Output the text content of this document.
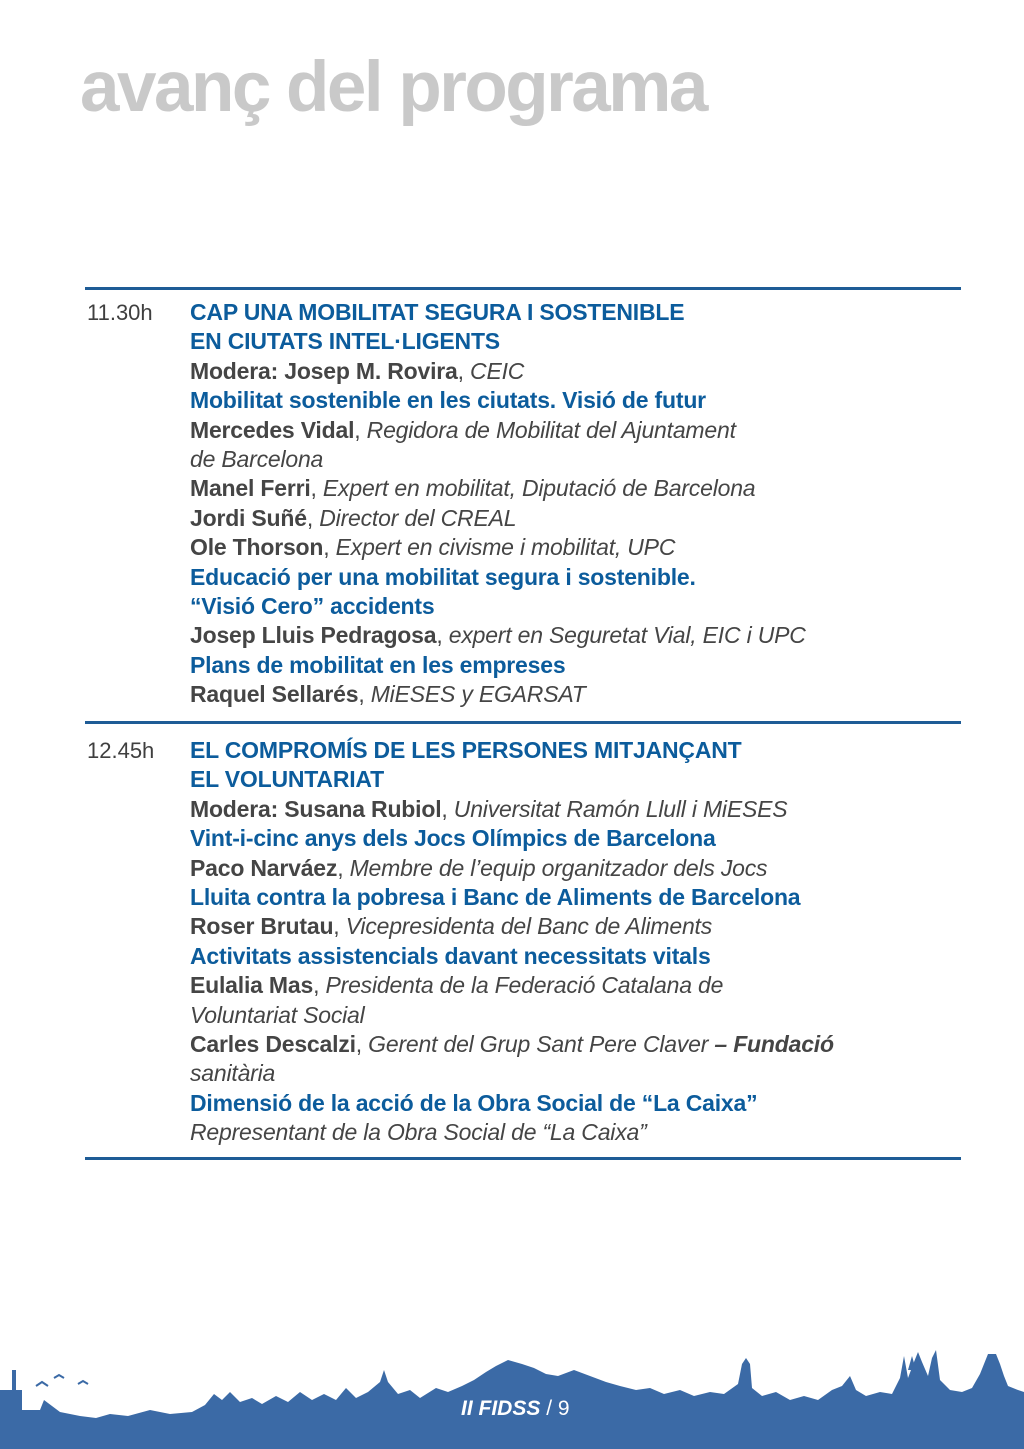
avanç del programa
11.30h CAP UNA MOBILITAT SEGURA I SOSTENIBLE
EN CIUTATS INTEL·LIGENTS
Modera: Josep M. Rovira, CEIC
Mobilitat sostenible en les ciutats. Visió de futur
Mercedes Vidal, Regidora de Mobilitat del Ajuntament
de Barcelona
Manel Ferri, Expert en mobilitat, Diputació de Barcelona
Jordi Suñé, Director del CREAL
Ole Thorson, Expert en civisme i mobilitat, UPC
Educació per una mobilitat segura i sostenible.
“Visió Cero” accidents
Josep Lluis Pedragosa, expert en Seguretat Vial, EIC i UPC
Plans de mobilitat en les empreses
Raquel Sellarés, MiESES y EGARSAT
12.45h EL COMPROMÍS DE LES PERSONES MITJANÇANT
EL VOLUNTARIAT
Modera: Susana Rubiol, Universitat Ramón Llull i MiESES
Vint-i-cinc anys dels Jocs Olímpics de Barcelona
Paco Narváez, Membre de l’equip organitzador dels Jocs
Lluita contra la pobresa i Banc de Aliments de Barcelona
Roser Brutau, Vicepresidenta del Banc de Aliments
Activitats assistencials davant necessitats vitals
Eulalia Mas, Presidenta de la Federació Catalana de
Voluntariat Social
Carles Descalzi, Gerent del Grup Sant Pere Claver – Fundació
sanitària
Dimensió de la acció de la Obra Social de “La Caixa”
Representant de la Obra Social de “La Caixa”
II FIDSS / 9
